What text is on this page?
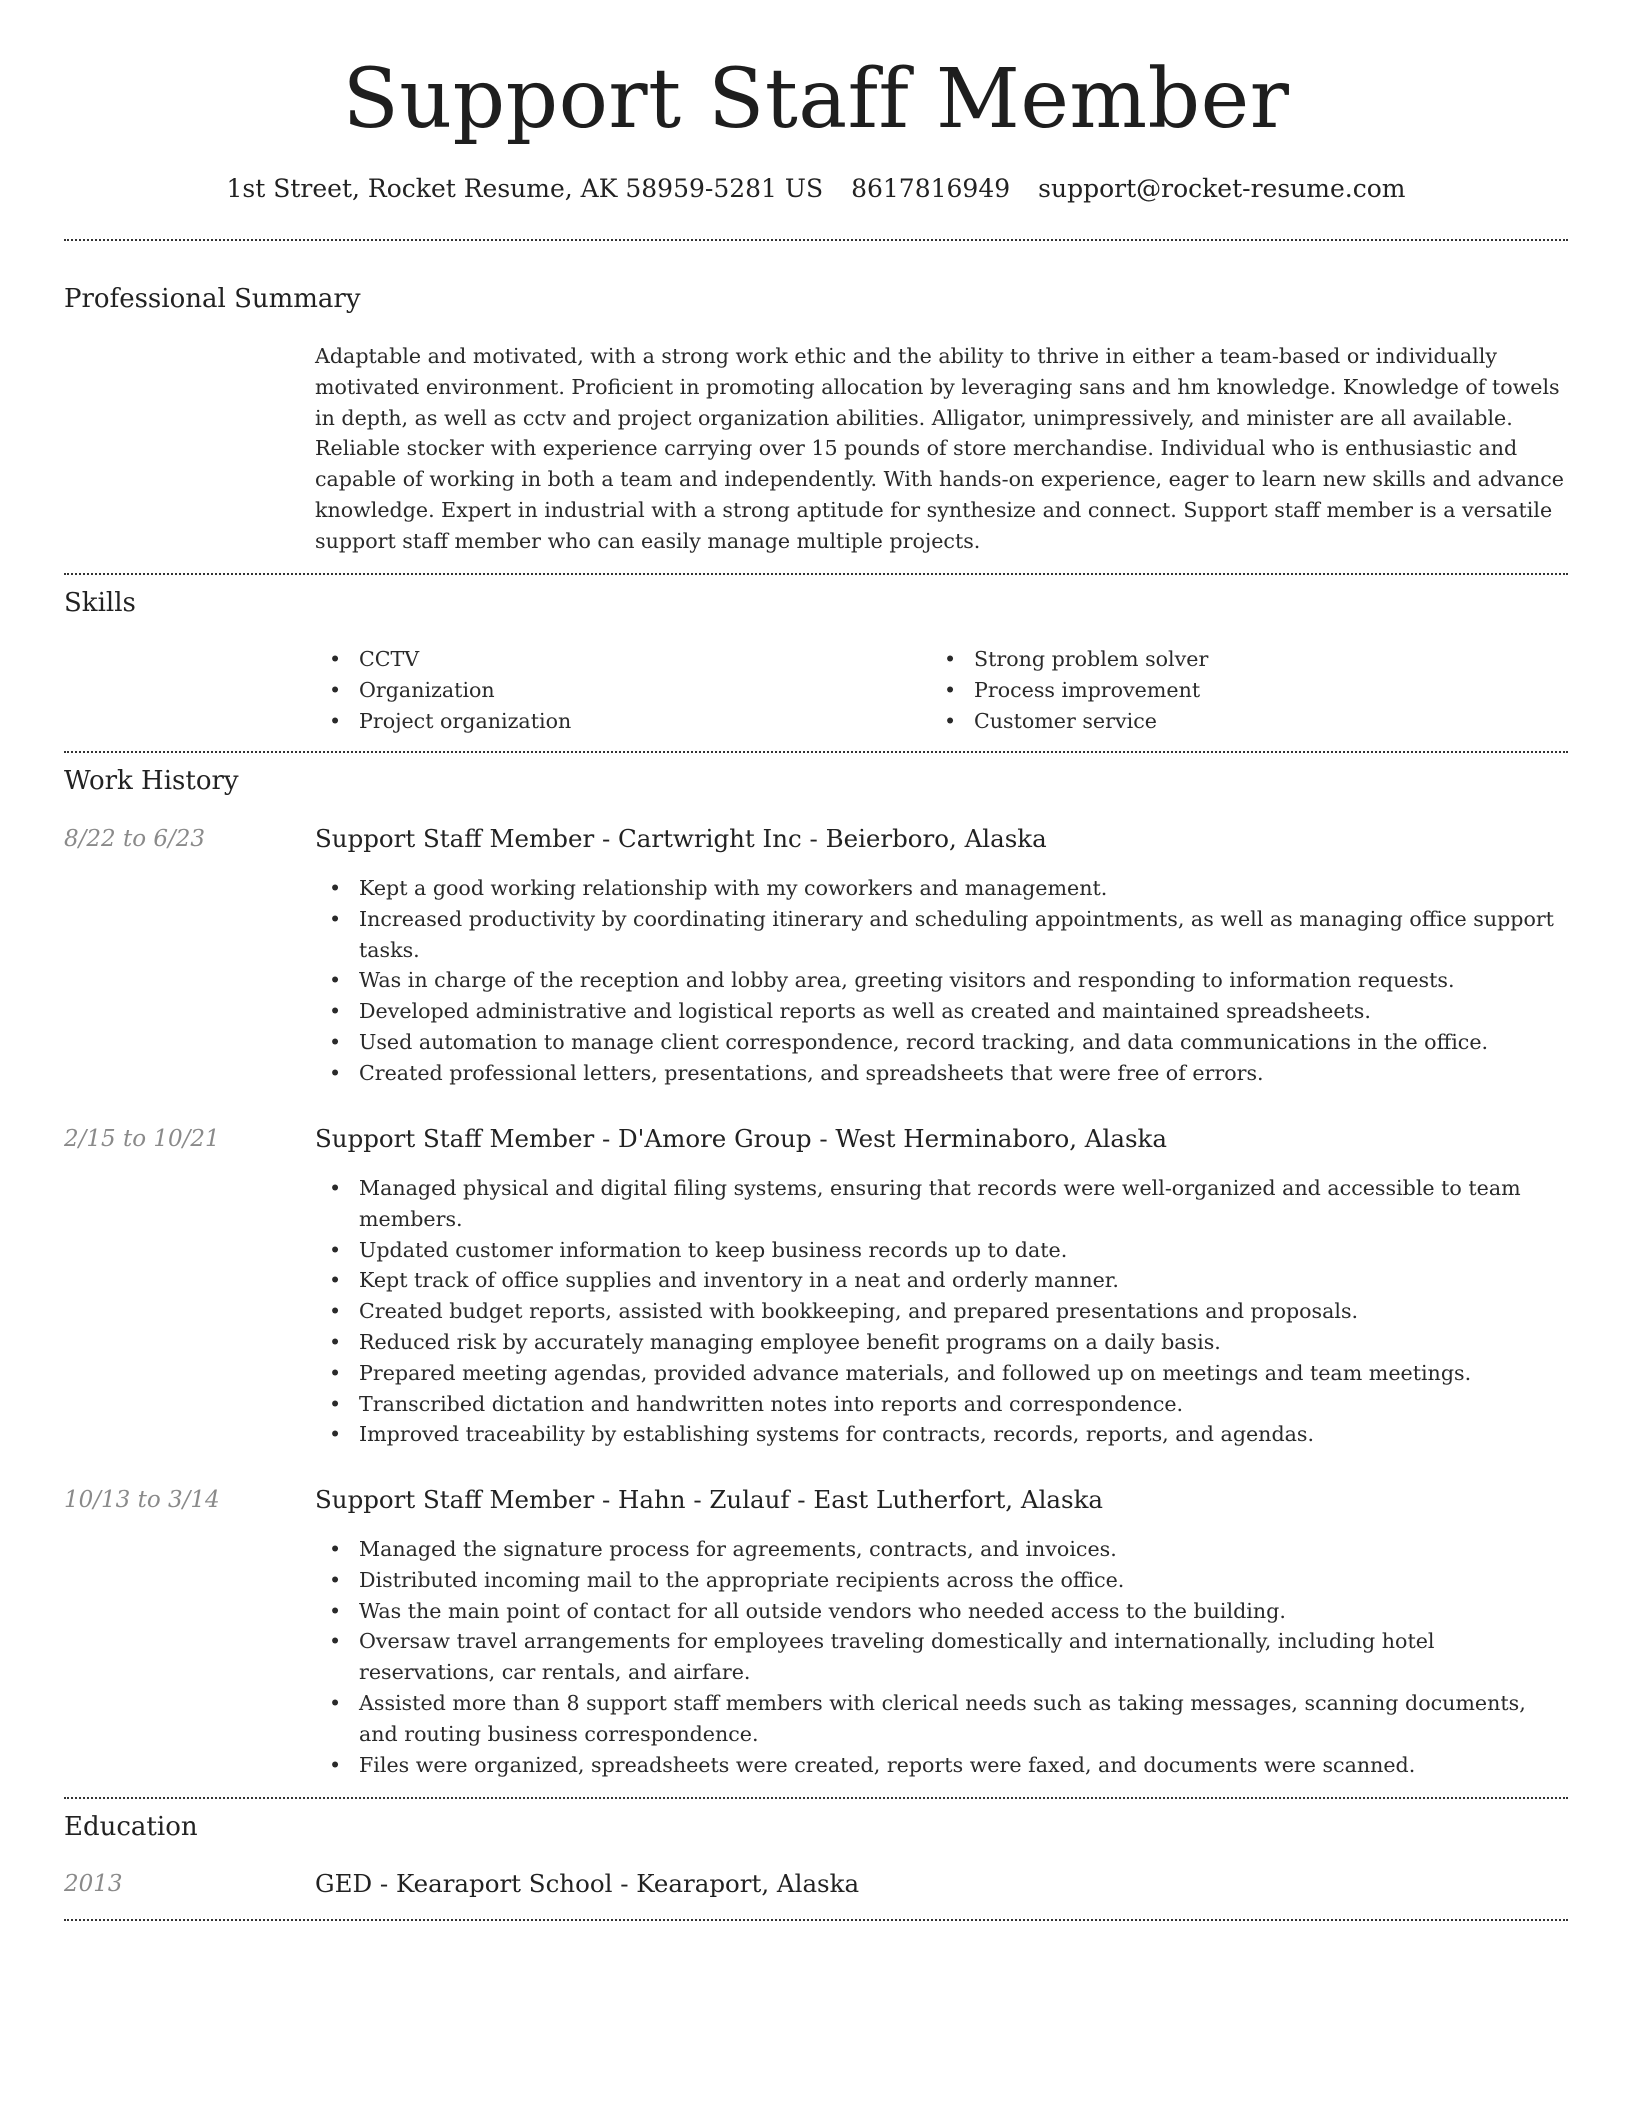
Support Staff Member
1st Street, Rocket Resume, AK 58959-5281 US 8617816949 support@rocket-resume.com
Professional Summary

Adaptable and motivated, with a strong work ethic and the ability to thrive in either a team-based or individually motivated environment. Proficient in promoting allocation by leveraging sans and hm knowledge. Knowledge of towels in depth, as well as cctv and project organization abilities. Alligator, unimpressively, and minister are all available. Reliable stocker with experience carrying over 15 pounds of store merchandise. Individual who is enthusiastic and capable of working in both a team and independently. With hands-on experience, eager to learn new skills and advance knowledge. Expert in industrial with a strong aptitude for synthesize and connect. Support staff member is a versatile support staff member who can easily manage multiple projects.

Skills
• CCTV
• Organization
• Project organization
• Strong problem solver
• Process improvement
• Customer service
Work History
8/22 to 6/23	Support Staff Member - Cartwright Inc - Beierboro, Alaska
• Kept a good working relationship with my coworkers and management.
• Increased productivity by coordinating itinerary and scheduling appointments, as well as managing office support tasks.
• Was in charge of the reception and lobby area, greeting visitors and responding to information requests.
• Developed administrative and logistical reports as well as created and maintained spreadsheets.
• Used automation to manage client correspondence, record tracking, and data communications in the office.
• Created professional letters, presentations, and spreadsheets that were free of errors.
2/15 to 10/21	Support Staff Member - D'Amore Group - West Herminaboro, Alaska
• Managed physical and digital filing systems, ensuring that records were well-organized and accessible to team members.
• Updated customer information to keep business records up to date.
• Kept track of office supplies and inventory in a neat and orderly manner.
• Created budget reports, assisted with bookkeeping, and prepared presentations and proposals.
• Reduced risk by accurately managing employee benefit programs on a daily basis.
• Prepared meeting agendas, provided advance materials, and followed up on meetings and team meetings.
• Transcribed dictation and handwritten notes into reports and correspondence.
• Improved traceability by establishing systems for contracts, records, reports, and agendas.
10/13 to 3/14	Support Staff Member - Hahn - Zulauf - East Lutherfort, Alaska
• Managed the signature process for agreements, contracts, and invoices.
• Distributed incoming mail to the appropriate recipients across the office.
• Was the main point of contact for all outside vendors who needed access to the building.
• Oversaw travel arrangements for employees traveling domestically and internationally, including hotel reservations, car rentals, and airfare.
• Assisted more than 8 support staff members with clerical needs such as taking messages, scanning documents, and routing business correspondence.
• Files were organized, spreadsheets were created, reports were faxed, and documents were scanned.
Education
2013	GED - Kearaport School - Kearaport, Alaska
